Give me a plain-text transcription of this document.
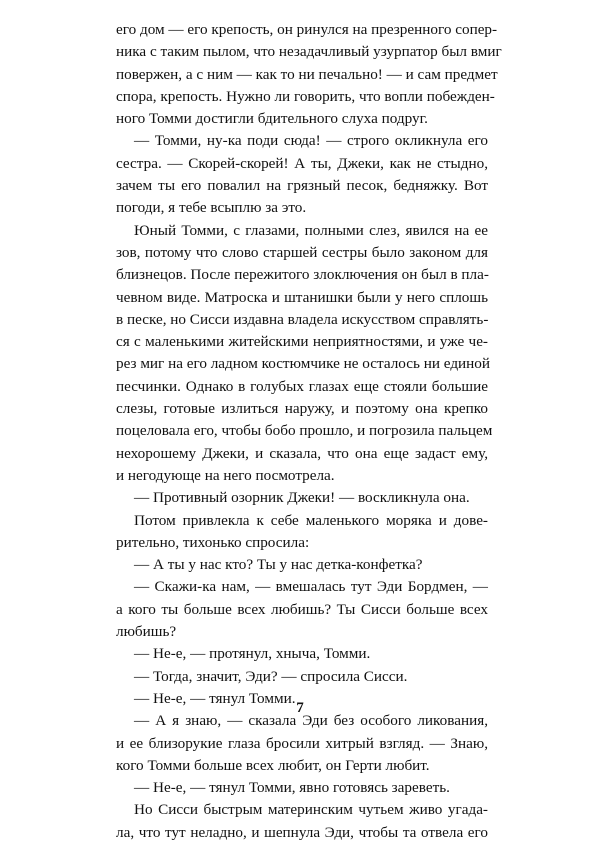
его дом — его крепость, он ринулся на презренного сопер-
ника с таким пылом, что незадачливый узурпатор был вмиг
повержен, а с ним — как то ни печально! — и сам предмет
спора, крепость. Нужно ли говорить, что вопли побежден-
ного Томми достигли бдительного слуха подруг.
— Томми, ну-ка поди сюда! — строго окликнула его
сестра. — Скорей-скорей! А ты, Джеки, как не стыдно,
зачем ты его повалил на грязный песок, бедняжку. Вот
погоди, я тебе всыплю за это.
Юный Томми, с глазами, полными слез, явился на ее
зов, потому что слово старшей сестры было законом для
близнецов. После пережитого злоключения он был в пла-
чевном виде. Матроска и штанишки были у него сплошь
в песке, но Сисси издавна владела искусством справлять-
ся с маленькими житейскими неприятностями, и уже че-
рез миг на его ладном костюмчике не осталось ни единой
песчинки. Однако в голубых глазах еще стояли большие
слезы, готовые излиться наружу, и поэтому она крепко
поцеловала его, чтобы бобо прошло, и погрозила пальцем
нехорошему Джеки, и сказала, что она еще задаст ему,
и негодующе на него посмотрела.
— Противный озорник Джеки! — воскликнула она.
Потом привлекла к себе маленького моряка и дове-
рительно, тихонько спросила:
— А ты у нас кто? Ты у нас детка-конфетка?
— Скажи-ка нам, — вмешалась тут Эди Бордмен, —
а кого ты больше всех любишь? Ты Сисси больше всех
любишь?
— Не-е, — протянул, хныча, Томми.
— Тогда, значит, Эди? — спросила Сисси.
— Не-е, — тянул Томми.
— А я знаю, — сказала Эди без особого ликования,
и ее близорукие глаза бросили хитрый взгляд. — Знаю,
кого Томми больше всех любит, он Герти любит.
— Не-е, — тянул Томми, явно готовясь зареветь.
Но Сисси быстрым материнским чутьем живо угада-
ла, что тут неладно, и шепнула Эди, чтобы та отвела его
7
